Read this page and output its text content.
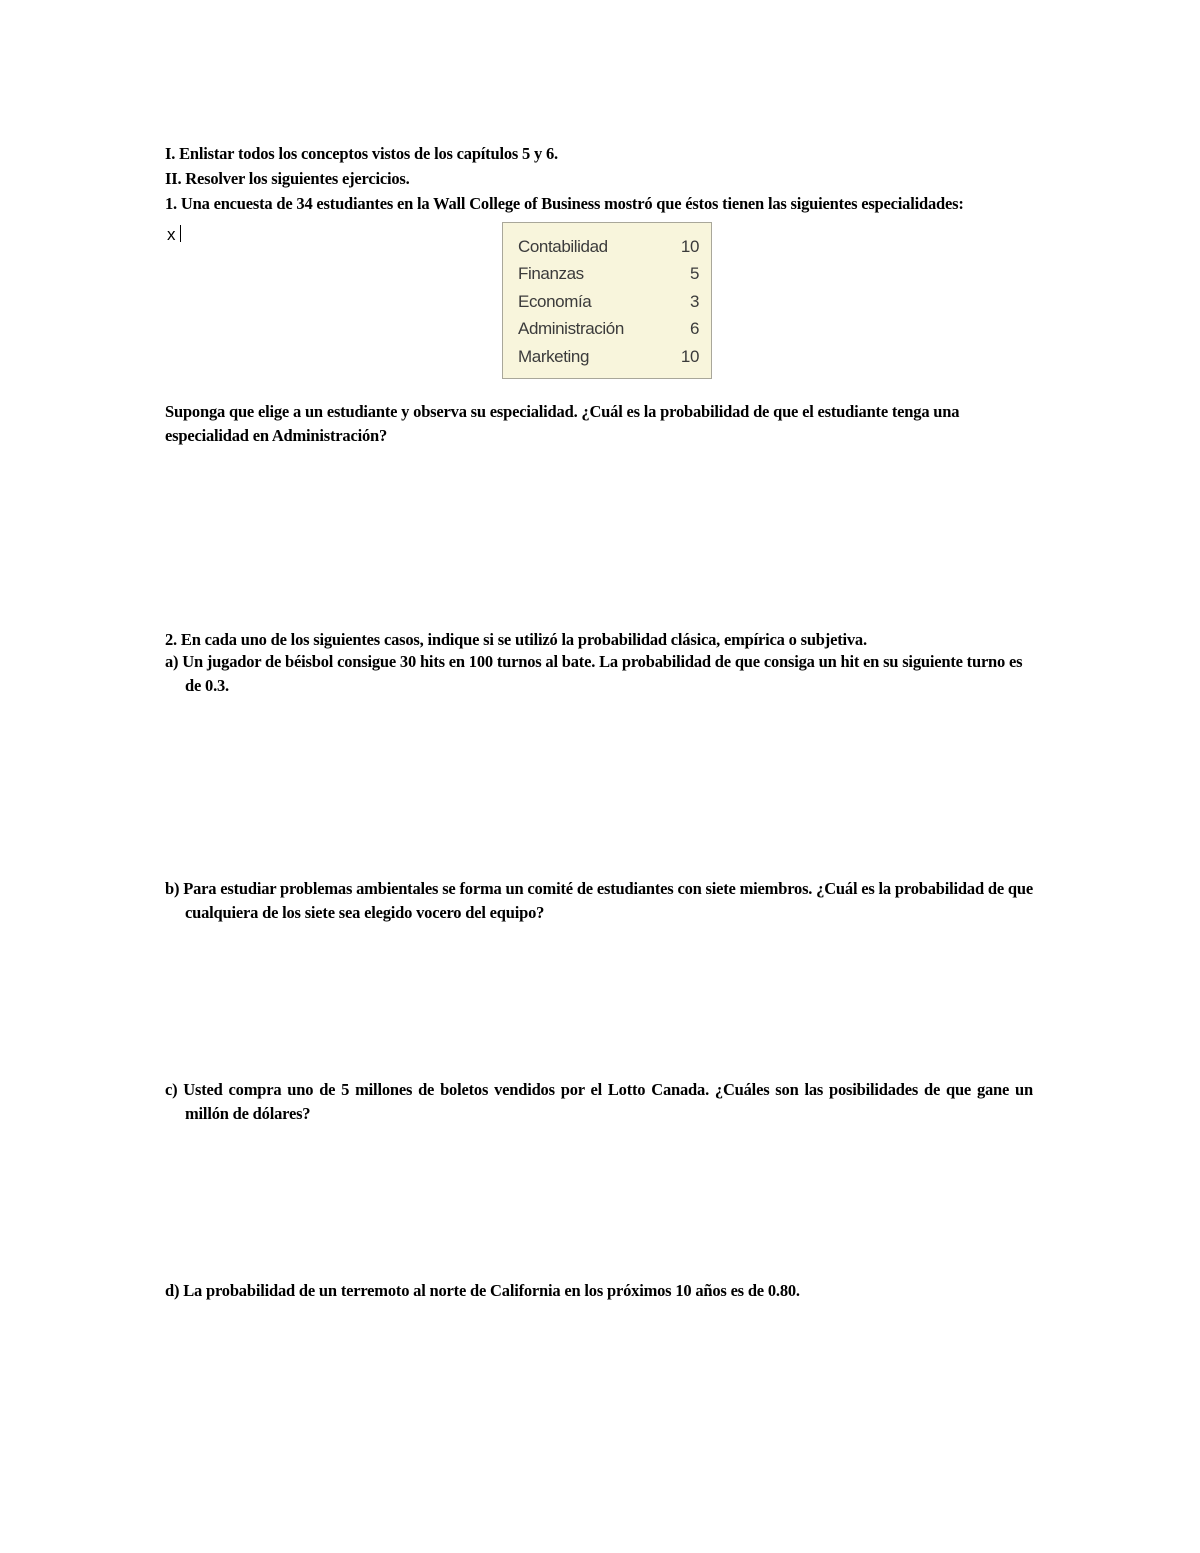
I. Enlistar todos los conceptos vistos de los capítulos 5 y 6.
II. Resolver los siguientes ejercicios.
1. Una encuesta de 34 estudiantes en la Wall College of Business mostró que éstos tienen las siguientes especialidades:
x
Contabilidad	10
Finanzas	5
Economía	3
Administración	6
Marketing	10
Suponga que elige a un estudiante y observa su especialidad. ¿Cuál es la probabilidad de que el estudiante tenga una especialidad en Administración?
2. En cada uno de los siguientes casos, indique si se utilizó la probabilidad clásica, empírica o subjetiva.
a) Un jugador de béisbol consigue 30 hits en 100 turnos al bate. La probabilidad de que consiga un hit en su siguiente turno es de 0.3.
b) Para estudiar problemas ambientales se forma un comité de estudiantes con siete miembros. ¿Cuál es la probabilidad de que cualquiera de los siete sea elegido vocero del equipo?
c) Usted compra uno de 5 millones de boletos vendidos por el Lotto Canada. ¿Cuáles son las posibilidades de que gane un millón de dólares?
d) La probabilidad de un terremoto al norte de California en los próximos 10 años es de 0.80.
